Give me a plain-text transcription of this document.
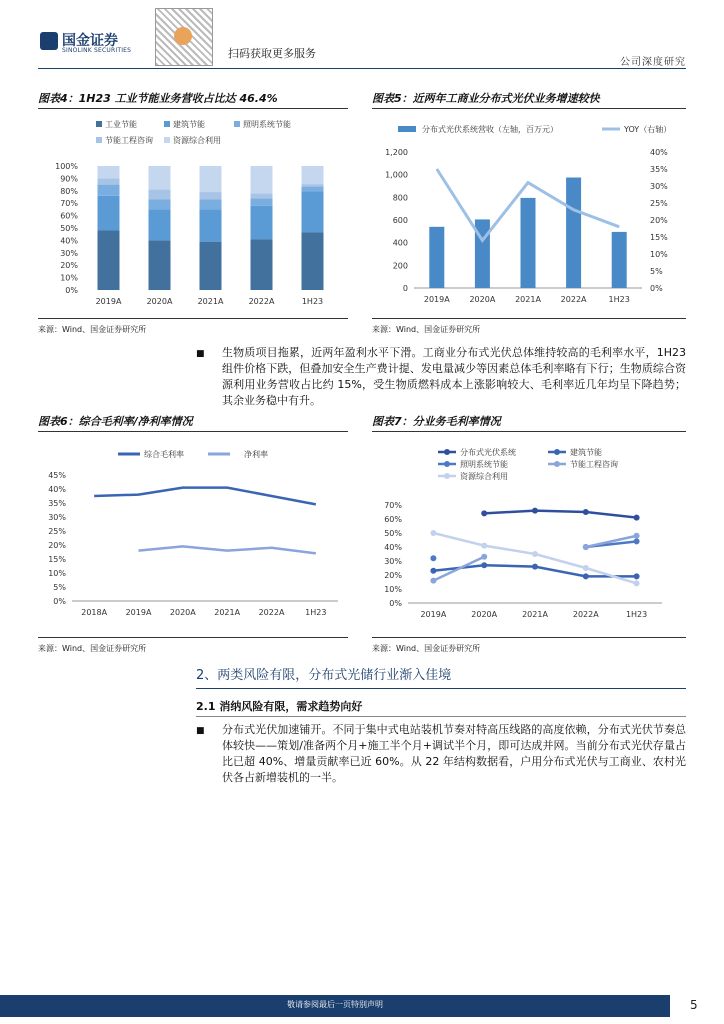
国金证券
SINOLINK SECURITIES	扫码获取更多服务
公司深度研究
图表4：1H23 工业节能业务营收占比达 46.4%	图表5：近两年工商业分布式光伏业务增速较快
工业节能	建筑节能	照明系统节能
节能工程咨询	资源综合利用
0%
10%
20%
30%
40%
50%
60%
70%
80%
90%
100%
2019A	2020A	2021A	2022A	1H23
分布式光伏系统营收（左轴，百万元）	YOY（右轴）
0
200
400
600
800
1,000
1,200
0%
5%
10%
15%
20%
25%
30%
35%
40%
2019A 2020A 2021A 2022A	1H23
来源：Wind、国金证券研究所	来源：Wind、国金证券研究所
■ 生物质项目拖累，近两年盈利水平下滑。工商业分布式光伏总体维持较高的毛利率水平，1H23 组件价格下跌，但叠加安全生产费计提、发电量减少等因素总体毛利率略有下行；生物质综合资源利用业务营收占比约 15%，受生物质燃料成本上涨影响较大、毛利率近几年均呈下降趋势；其余业务稳中有升。
图表6：综合毛利率/净利率情况	图表7：分业务毛利率情况
综合毛利率	净利率
0%
5%
10%
15%
20%
25%
30%
35%
40%
45%
2018A 2019A 2020A 2021A 2022A	1H23
分布式光伏系统	建筑节能
照明系统节能	节能工程咨询
资源综合利用
0%
10%
20%
30%
40%
50%
60%
70%
2019A	2020A	2021A	2022A	1H23
来源：Wind、国金证券研究所	来源：Wind、国金证券研究所
2、两类风险有限，分布式光储行业渐入佳境
2.1 消纳风险有限，需求趋势向好
■ 分布式光伏加速铺开。不同于集中式电站装机节奏对特高压线路的高度依赖，分布式光伏节奏总体较快——策划/准备两个月+施工半个月+调试半个月，即可达成并网。当前分布式光伏存量占比已超 40%、增量贡献率已近 60%。从 22 年结构数据看，户用分布式光伏与工商业、农村光伏各占新增装机的一半。
敬请参阅最后一页特别声明	5
